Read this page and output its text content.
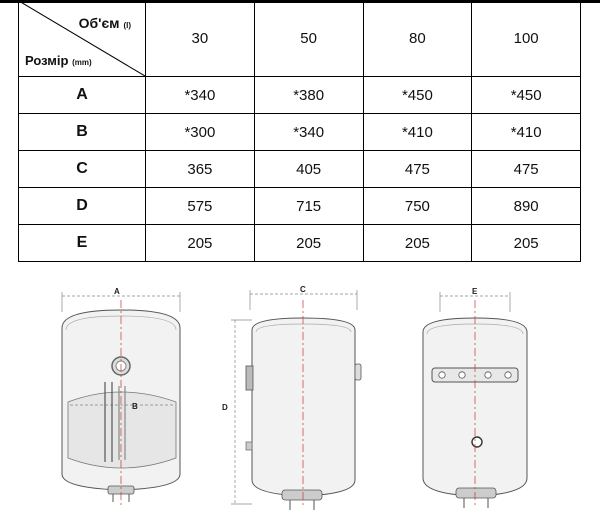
Об'єм (l)
Розмір (mm)	30	50	80	100
A	*340	*380	*450	*450
B	*300	*340	*410	*410
C	365	405	475	475
D	575	715	750	890
E	205	205	205	205
A
B
C
D
E
